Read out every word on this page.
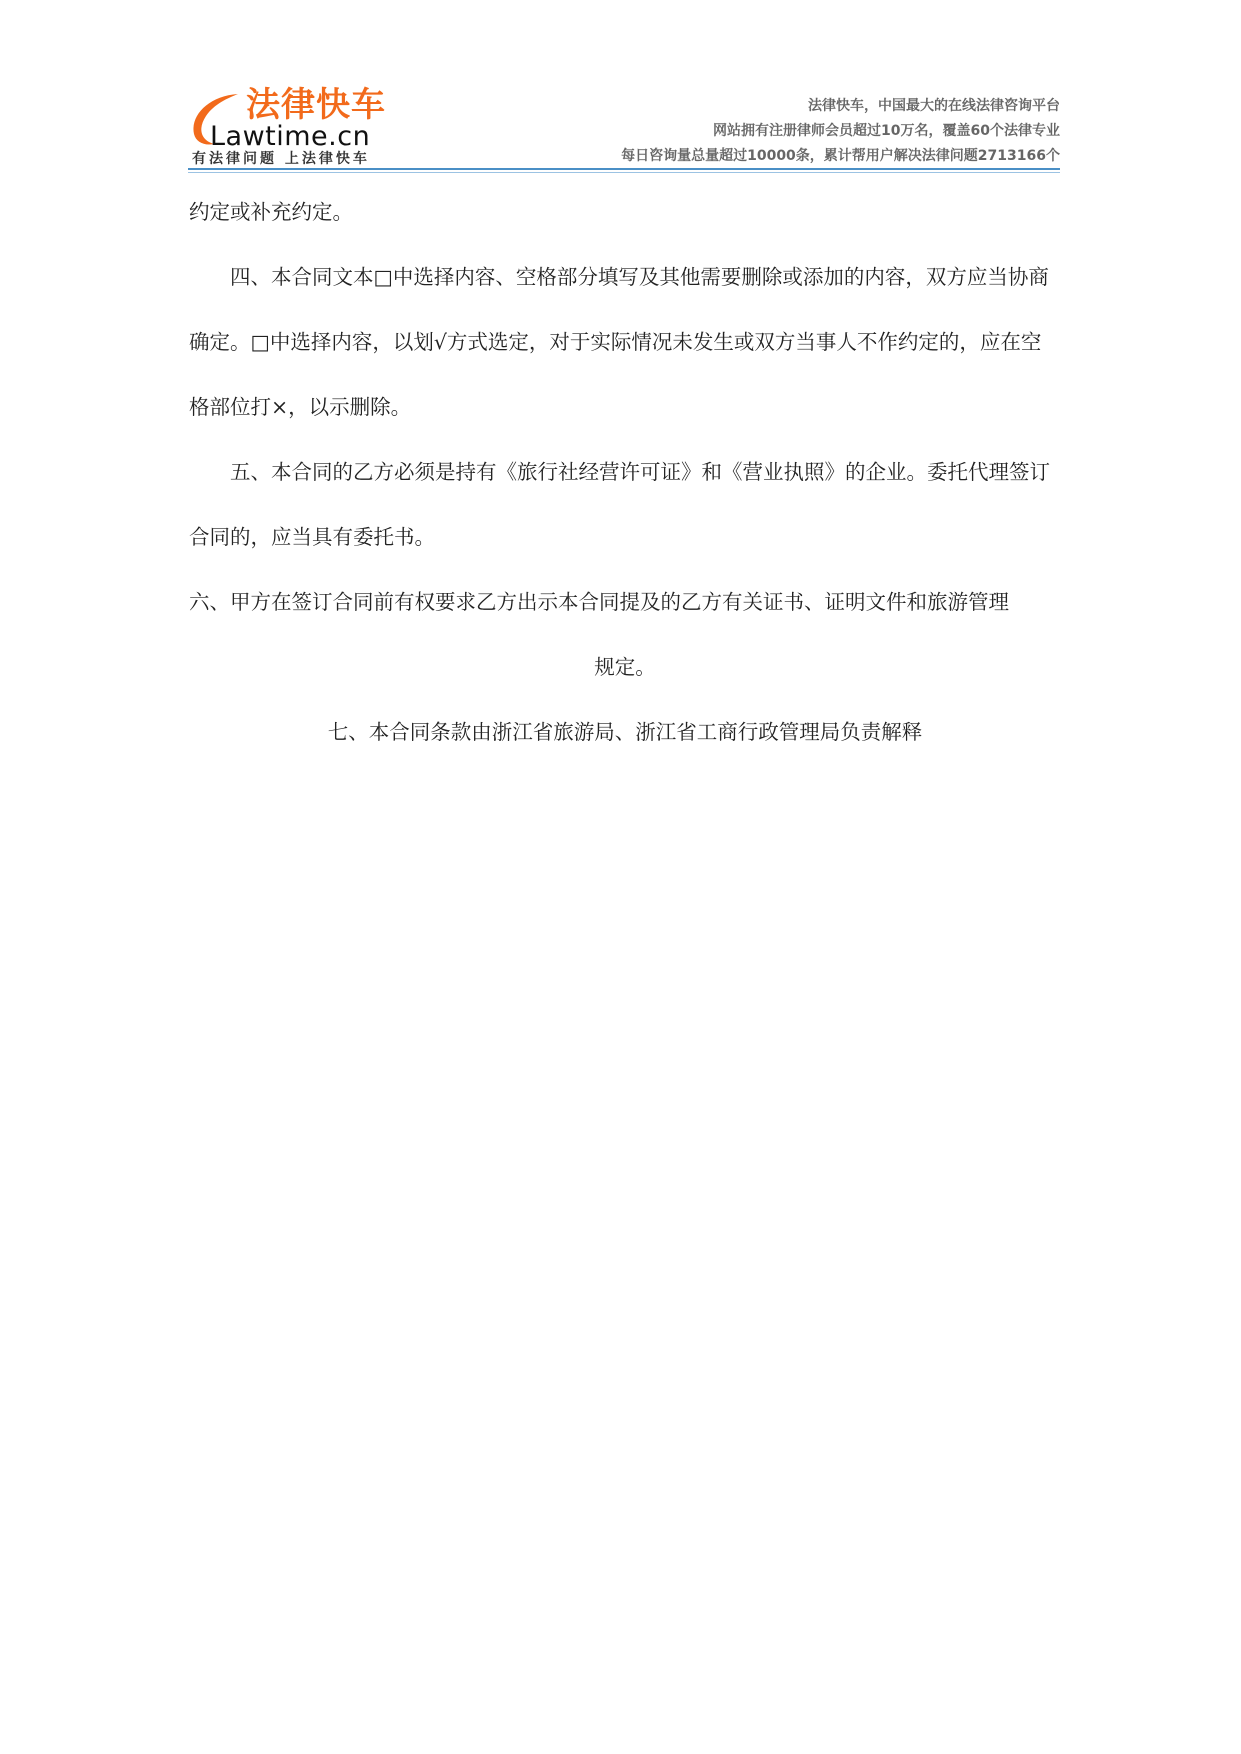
法律快车
Lawtime.cn
有法律问题 上法律快车
法律快车，中国最大的在线法律咨询平台
网站拥有注册律师会员超过10万名，覆盖60个法律专业
每日咨询量总量超过10000条，累计帮用户解决法律问题2713166个

约定或补充约定。

四、本合同文本□中选择内容、空格部分填写及其他需要删除或添加的内容，双方应当协商确定。□中选择内容，以划√方式选定，对于实际情况未发生或双方当事人不作约定的，应在空格部位打×，以示删除。

五、本合同的乙方必须是持有《旅行社经营许可证》和《营业执照》的企业。委托代理签订合同的，应当具有委托书。

六、甲方在签订合同前有权要求乙方出示本合同提及的乙方有关证书、证明文件和旅游管理

规定。

七、本合同条款由浙江省旅游局、浙江省工商行政管理局负责解释
